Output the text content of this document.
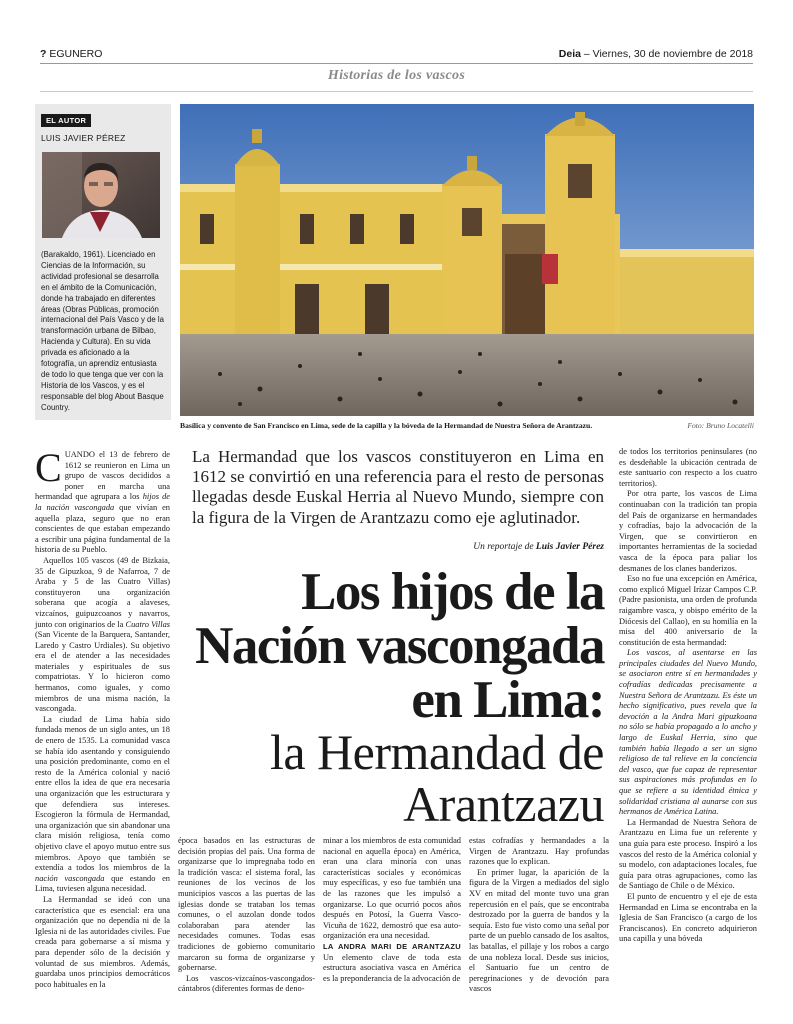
? EGUNERO	Deia – Viernes, 30 de noviembre de 2018
Historias de los vascos
EL AUTOR
LUIS JAVIER PÉREZ
(Barakaldo, 1961). Licenciado en Ciencias de la Información, su actividad profesional se desarrolla en el ámbito de la Comunicación, donde ha trabajado en diferentes áreas (Obras Públicas, promoción internacional del País Vasco y de la transformación urbana de Bilbao, Hacienda y Cultura). En su vida privada es aficionado a la fotografía, un aprendiz entusiasta de todo lo que tenga que ver con la Historia de los Vascos, y es el responsable del blog About Basque Country.
Basílica y convento de San Francisco en Lima, sede de la capilla y la bóveda de la Hermandad de Nuestra Señora de Arantzazu.	Foto: Bruno Locatelli

CUANDO el 13 de febrero de 1612 se reunieron en Lima un grupo de vascos decididos a poner en marcha una hermandad que agrupara a los hijos de la nación vascongada que vivían en aquella plaza, seguro que no eran conscientes de que estaban empezando a escribir una página fundamental de la historia de su Pueblo.

Aquellos 105 vascos (49 de Bizkaia, 35 de Gipuzkoa, 9 de Nafarroa, 7 de Araba y 5 de las Cuatro Villas) constituyeron una organización soberana que acogía a alaveses, vizcaínos, guipuzcoanos y navarros, junto con originarios de la Cuatro Villas (San Vicente de la Barquera, Santander, Laredo y Castro Urdiales). Su objetivo era el de atender a las necesidades materiales y espirituales de sus compatriotas. Y lo hicieron como hermanos, como iguales, y como miembros de una misma nación, la vascongada.

La ciudad de Lima había sido fundada menos de un siglo antes, un 18 de enero de 1535. La comunidad vasca se había ido asentando y consiguiendo una posición predominante, como en el resto de la América colonial y nació entre ellos la idea de que era necesaria una organización que les estructurara y que defendiera sus intereses. Escogieron la fórmula de Hermandad, una organización que sin abandonar una clara misión religiosa, tenía como objetivo clave el apoyo mutuo entre sus miembros. Apoyo que también se extendía a todos los miembros de la nación vascongada que estando en Lima, tuviesen alguna necesidad.

La Hermandad se ideó con una característica que es esencial: era una organización que no dependía ni de la Iglesia ni de las autoridades civiles. Fue creada para gobernarse a sí misma y para depender sólo de la decisión y voluntad de sus miembros. Además, guardaba unos principios democráticos poco habituales en la

La Hermandad que los vascos constituyeron en Lima en 1612 se convirtió en una referencia para el resto de personas llegadas desde Euskal Herria al Nuevo Mundo, siempre con la figura de la Virgen de Arantzazu como eje aglutinador.
Un reportaje de Luis Javier Pérez
Los hijos de la
Nación vascongada
en Lima:
la Hermandad de
Arantzazu

época basados en las estructuras de decisión propias del país. Una forma de organizarse que lo impregnaba todo en la tradición vasca: el sistema foral, las reuniones de los vecinos de los municipios vascos a las puertas de las iglesias donde se trataban los temas comunes, o el auzolan donde todos colaboraban para atender las necesidades comunes. Todas esas tradiciones de gobierno comunitario marcaron su forma de organizarse y gobernarse.

Los vascos-vizcaínos-vascongados-cántabros (diferentes formas de deno-

minar a los miembros de esta comunidad nacional en aquella época) en América, eran una clara minoría con unas características sociales y económicas muy específicas, y eso fue también una de las razones que les impulsó a organizarse. Lo que ocurrió pocos años después en Potosí, la Guerra Vasco-Vicuña de 1622, demostró que esa auto-organización era una necesidad.

LA ANDRA MARI DE ARANTZAZU Un elemento clave de toda esta estructura asociativa vasca en América es la preponderancia de la advocación de

estas cofradías y hermandades a la Virgen de Arantzazu. Hay profundas razones que lo explican.

En primer lugar, la aparición de la figura de la Virgen a mediados del siglo XV en mitad del monte tuvo una gran repercusión en el país, que se encontraba destrozado por la guerra de bandos y la sequía. Esto fue visto como una señal por parte de un pueblo cansado de los asaltos, las batallas, el pillaje y los robos a cargo de una nobleza local. Desde sus inicios, el Santuario fue un centro de peregrinaciones y de devoción para vascos

de todos los territorios peninsulares (no es desdeñable la ubicación centrada de este santuario con respecto a los cuatro territorios).

Por otra parte, los vascos de Lima continuaban con la tradición tan propia del País de organizarse en hermandades y cofradías, bajo la advocación de la Virgen, que se convirtieron en importantes herramientas de la sociedad vasca de la época para paliar los desmanes de los clanes banderizos.

Eso no fue una excepción en América, como explicó Miguel Irízar Campos C.P. (Padre pasionista, una orden de profunda raigambre vasca, y obispo emérito de la Diócesis del Callao), en su homilía en la misa del 400 aniversario de la constitución de esta hermandad:

Los vascos, al asentarse en las principales ciudades del Nuevo Mundo, se asociaron entre sí en hermandades y cofradías dedicadas precisamente a Nuestra Señora de Arantzazu. Es éste un hecho significativo, pues revela que la devoción a la Andra Mari gipuzkoana no sólo se había propagado a lo ancho y largo de Euskal Herria, sino que también había llegado a ser un signo religioso de tal relieve en la conciencia del vasco, que fue capaz de representar sus aspiraciones más profundas en lo que se refiere a su identidad étnica y solidaridad cristiana al aunarse con sus hermanos de América Latina.

La Hermandad de Nuestra Señora de Arantzazu en Lima fue un referente y una guía para este proceso. Inspiró a los vascos del resto de la América colonial y su modelo, con adaptaciones locales, fue guía para otras agrupaciones, como las de Santiago de Chile o de México.

El punto de encuentro y el eje de esta Hermandad en Lima se encontraba en la Iglesia de San Francisco (a cargo de los Franciscanos). En concreto adquirieron una capilla y una bóveda
